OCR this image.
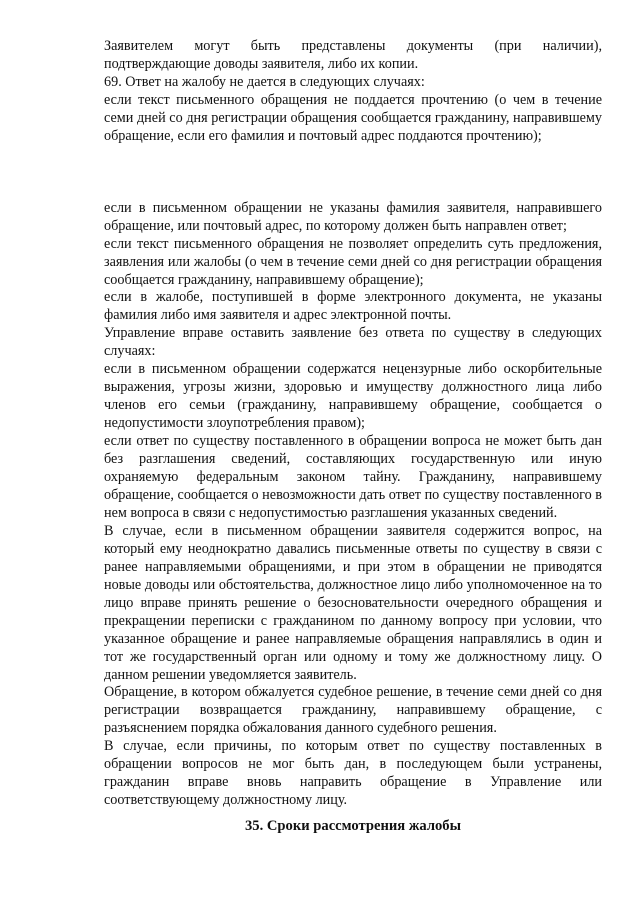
Заявителем могут быть представлены документы (при наличии), подтверждающие доводы заявителя, либо их копии.

69. Ответ на жалобу не дается в следующих случаях:

если текст письменного обращения не поддается прочтению (о чем в течение семи дней со дня регистрации обращения сообщается гражданину, направившему обращение, если его фамилия и почтовый адрес поддаются прочтению);

если в письменном обращении не указаны фамилия заявителя, направившего обращение, или почтовый адрес, по которому должен быть направлен ответ;

если текст письменного обращения не позволяет определить суть предложения, заявления или жалобы (о чем в течение семи дней со дня регистрации обращения сообщается гражданину, направившему обращение);

если в жалобе, поступившей в форме электронного документа, не указаны фамилия либо имя заявителя и адрес электронной почты.

Управление вправе оставить заявление без ответа по существу в следующих случаях:

если в письменном обращении содержатся нецензурные либо оскорбительные выражения, угрозы жизни, здоровью и имуществу должностного лица либо членов его семьи (гражданину, направившему обращение, сообщается о недопустимости злоупотребления правом);

если ответ по существу поставленного в обращении вопроса не может быть дан без разглашения сведений, составляющих государственную или иную охраняемую федеральным законом тайну. Гражданину, направившему обращение, сообщается о невозможности дать ответ по существу поставленного в нем вопроса в связи с недопустимостью разглашения указанных сведений.

В случае, если в письменном обращении заявителя содержится вопрос, на который ему неоднократно давались письменные ответы по существу в связи с ранее направляемыми обращениями, и при этом в обращении не приводятся новые доводы или обстоятельства, должностное лицо либо уполномоченное на то лицо вправе принять решение о безосновательности очередного обращения и прекращении переписки с гражданином по данному вопросу при условии, что указанное обращение и ранее направляемые обращения направлялись в один и тот же государственный орган или одному и тому же должностному лицу. О данном решении уведомляется заявитель.

Обращение, в котором обжалуется судебное решение, в течение семи дней со дня регистрации возвращается гражданину, направившему обращение, с разъяснением порядка обжалования данного судебного решения.

В случае, если причины, по которым ответ по существу поставленных в обращении вопросов не мог быть дан, в последующем были устранены, гражданин вправе вновь направить обращение в Управление или соответствующему должностному лицу.

35. Сроки рассмотрения жалобы
